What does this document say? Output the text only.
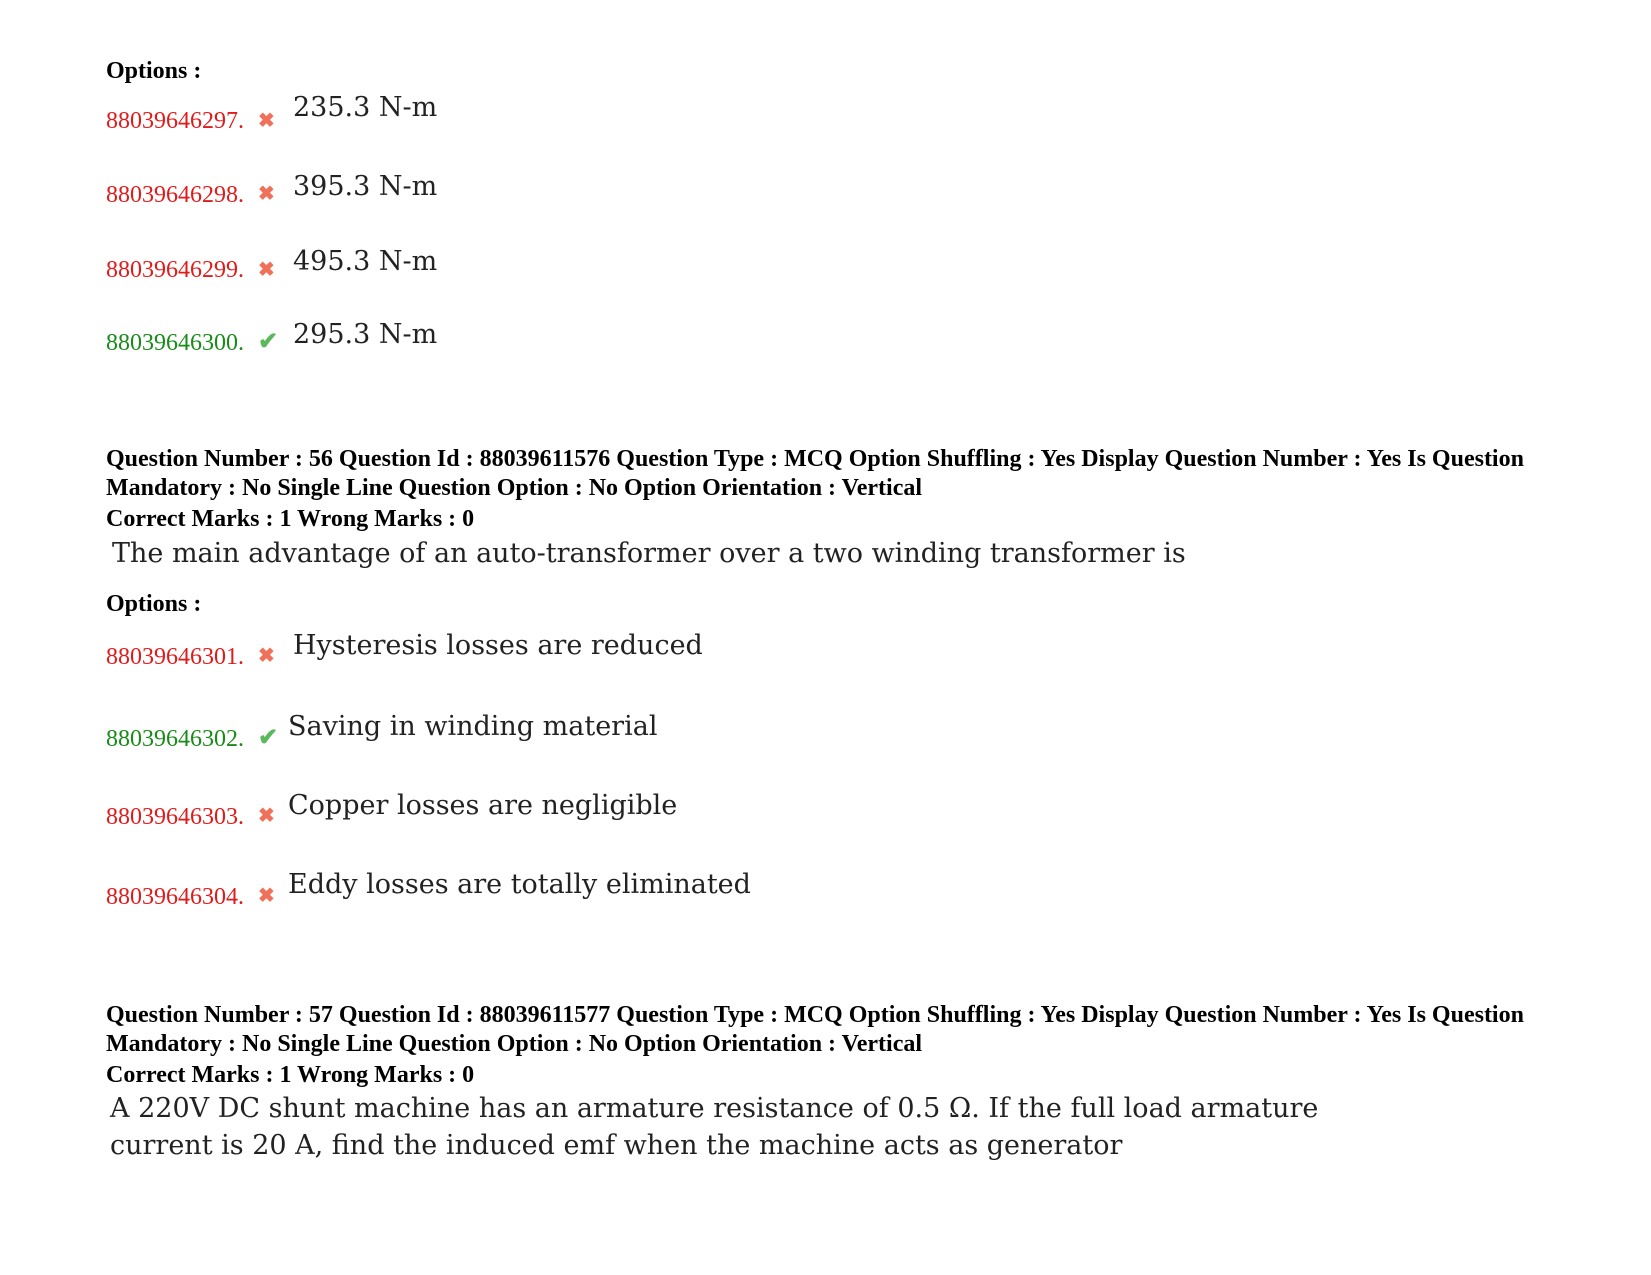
Options :
88039646297. ✖ 235.3 N-m
88039646298. ✖ 395.3 N-m
88039646299. ✖ 495.3 N-m
88039646300. ✔ 295.3 N-m
Question Number : 56 Question Id : 88039611576 Question Type : MCQ Option Shuffling : Yes Display Question Number : Yes Is Question Mandatory : No Single Line Question Option : No Option Orientation : Vertical
Correct Marks : 1 Wrong Marks : 0
The main advantage of an auto-transformer over a two winding transformer is
Options :
88039646301. ✖ Hysteresis losses are reduced
88039646302. ✔ Saving in winding material
88039646303. ✖ Copper losses are negligible
88039646304. ✖ Eddy losses are totally eliminated
Question Number : 57 Question Id : 88039611577 Question Type : MCQ Option Shuffling : Yes Display Question Number : Yes Is Question Mandatory : No Single Line Question Option : No Option Orientation : Vertical
Correct Marks : 1 Wrong Marks : 0
A 220V DC shunt machine has an armature resistance of 0.5 Ω. If the full load armature
current is 20 A, find the induced emf when the machine acts as generator
